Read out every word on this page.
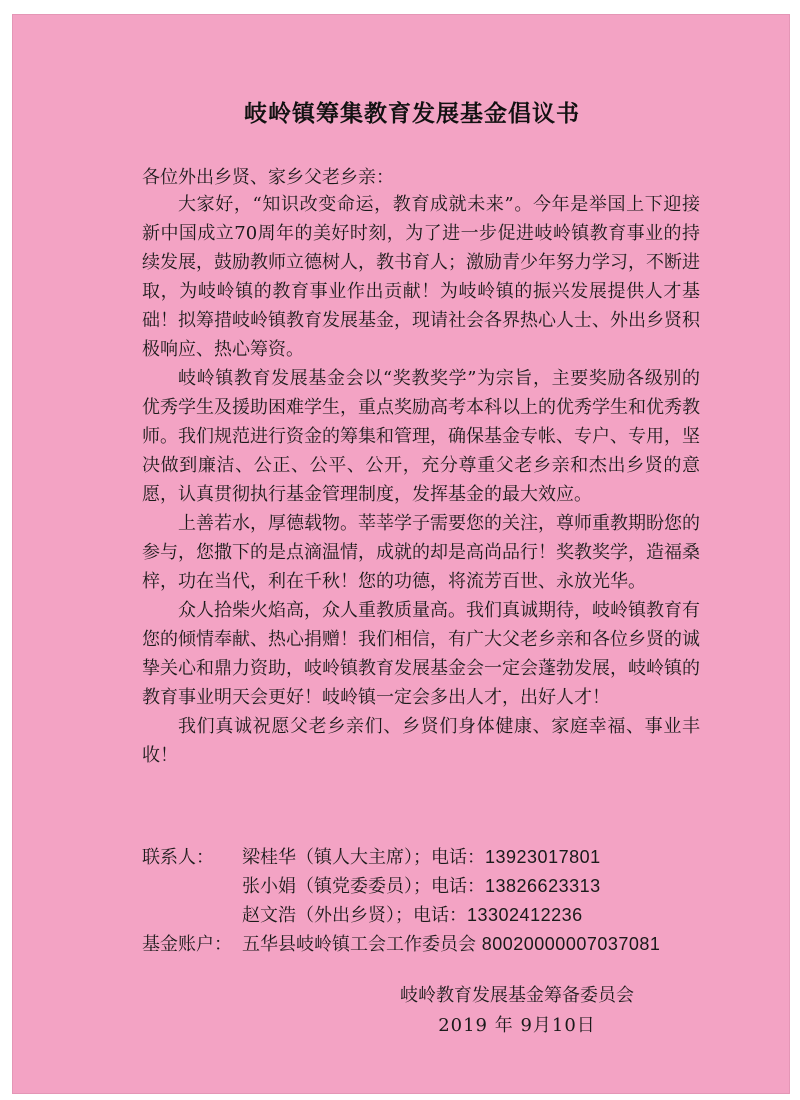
岐岭镇筹集教育发展基金倡议书
各位外出乡贤、家乡父老乡亲：

大家好，“知识改变命运，教育成就未来”。今年是举国上下迎接新中国成立70周年的美好时刻，为了进一步促进岐岭镇教育事业的持续发展，鼓励教师立德树人，教书育人；激励青少年努力学习，不断进取，为岐岭镇的教育事业作出贡献！为岐岭镇的振兴发展提供人才基础！拟筹措岐岭镇教育发展基金，现请社会各界热心人士、外出乡贤积极响应、热心筹资。

岐岭镇教育发展基金会以“奖教奖学”为宗旨，主要奖励各级别的优秀学生及援助困难学生，重点奖励高考本科以上的优秀学生和优秀教师。我们规范进行资金的筹集和管理，确保基金专帐、专户、专用，坚决做到廉洁、公正、公平、公开，充分尊重父老乡亲和杰出乡贤的意愿，认真贯彻执行基金管理制度，发挥基金的最大效应。

上善若水，厚德载物。莘莘学子需要您的关注，尊师重教期盼您的参与，您撒下的是点滴温情，成就的却是高尚品行！奖教奖学，造福桑梓，功在当代，利在千秋！您的功德，将流芳百世、永放光华。

众人拾柴火焰高，众人重教质量高。我们真诚期待，岐岭镇教育有您的倾情奉献、热心捐赠！我们相信，有广大父老乡亲和各位乡贤的诚挚关心和鼎力资助，岐岭镇教育发展基金会一定会蓬勃发展，岐岭镇的教育事业明天会更好！岐岭镇一定会多出人才，出好人才！

我们真诚祝愿父老乡亲们、乡贤们身体健康、家庭幸福、事业丰收！

联系人：	梁桂华（镇人大主席）；电话： 13923017801
张小娟（镇党委委员）；电话： 13826623313
赵文浩（外出乡贤）；电话： 13302412236
基金账户： 五华县岐岭镇工会工作委员会
80020000007037081
岐岭教育发展基金筹备委员会
2019 年 9月10日
